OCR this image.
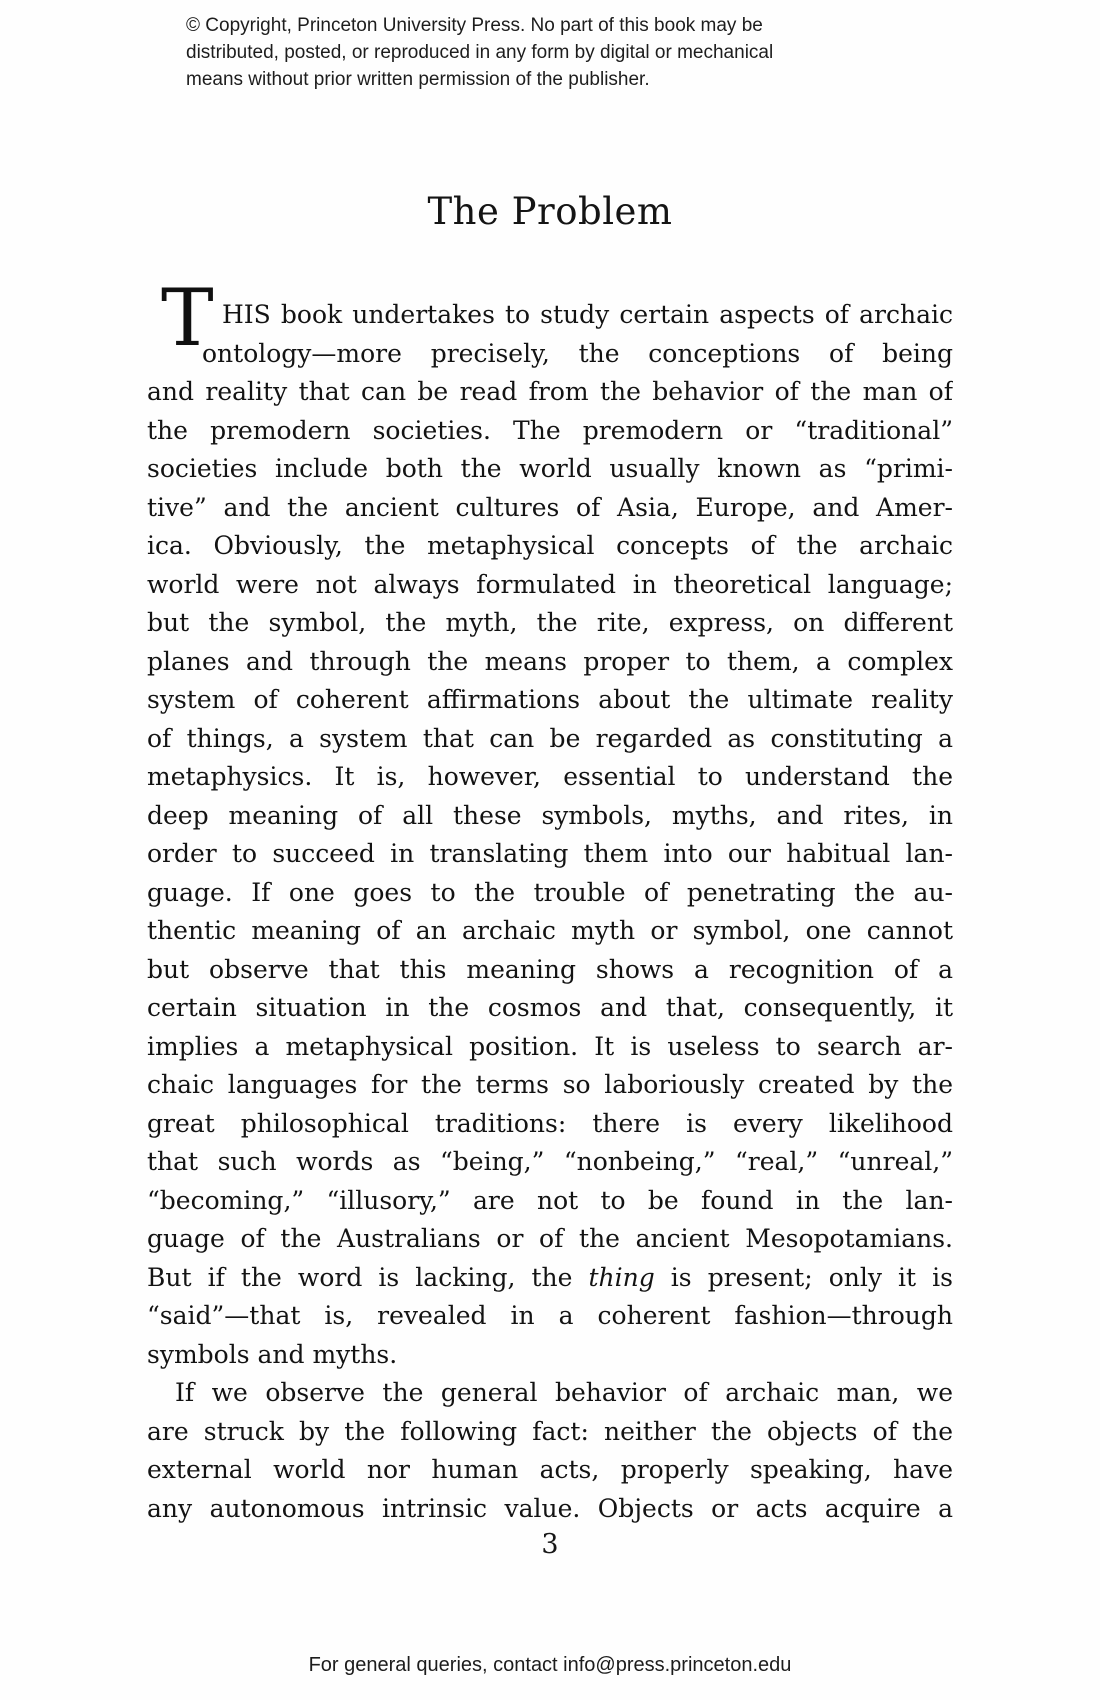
© Copyright, Princeton University Press. No part of this book may be
distributed, posted, or reproduced in any form by digital or mechanical
means without prior written permission of the publisher.
The Problem
T HIS book undertakes to study certain aspects of archaic
ontology—more precisely, the conceptions of being
and reality that can be read from the behavior of the man of
the premodern societies. The premodern or “traditional”
societies include both the world usually known as “primi-
tive” and the ancient cultures of Asia, Europe, and Amer-
ica. Obviously, the metaphysical concepts of the archaic
world were not always formulated in theoretical language;
but the symbol, the myth, the rite, express, on different
planes and through the means proper to them, a complex
system of coherent affirmations about the ultimate reality
of things, a system that can be regarded as constituting a
metaphysics. It is, however, essential to understand the
deep meaning of all these symbols, myths, and rites, in
order to succeed in translating them into our habitual lan-
guage. If one goes to the trouble of penetrating the au-
thentic meaning of an archaic myth or symbol, one cannot
but observe that this meaning shows a recognition of a
certain situation in the cosmos and that, consequently, it
implies a metaphysical position. It is useless to search ar-
chaic languages for the terms so laboriously created by the
great philosophical traditions: there is every likelihood
that such words as “being,” “nonbeing,” “real,” “unreal,”
“becoming,” “illusory,” are not to be found in the lan-
guage of the Australians or of the ancient Mesopotamians.
But if the word is lacking, the thing is present; only it is
“said”—that is, revealed in a coherent fashion—through
symbols and myths.
If we observe the general behavior of archaic man, we
are struck by the following fact: neither the objects of the
external world nor human acts, properly speaking, have
any autonomous intrinsic value. Objects or acts acquire a
3
For general queries, contact info@press.princeton.edu
